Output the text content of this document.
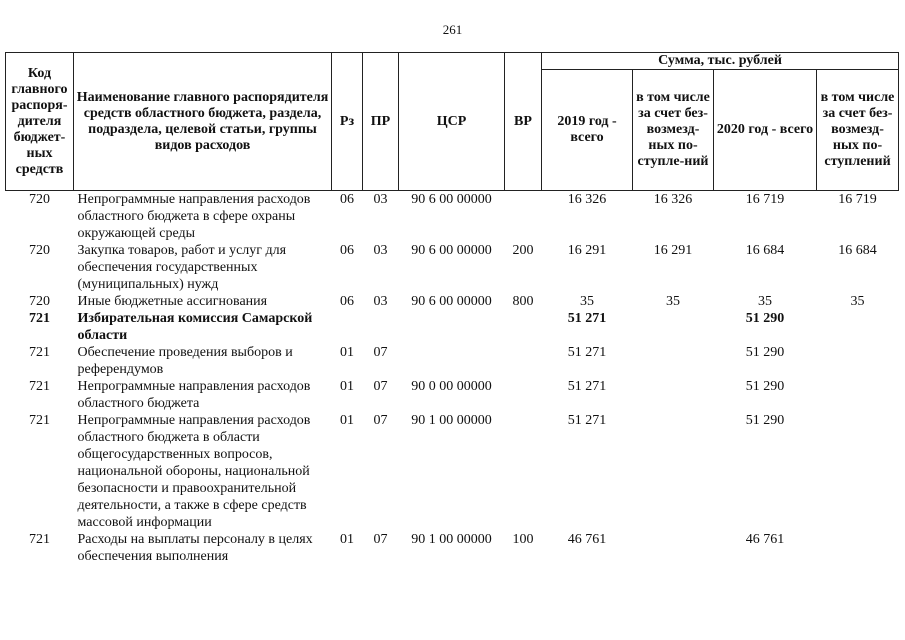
261
Код главного распоря-дителя бюджет-ных средств	Наименование главного распорядителя средств областного бюджета, раздела, подраздела, целевой статьи, группы видов расходов	Рз	ПР	ЦСР	ВР	Сумма, тыс. рублей			
						2019 год - всего	в том числе за счет без-возмезд-ных по-ступле-ний	2020 год - всего	в том числе за счет без-возмезд-ных по-ступлений
720	Непрограммные направления расходов областного бюджета в сфере охраны окружающей среды	06	03	90 6 00 00000		16 326	16 326	16 719	16 719
720	Закупка товаров, работ и услуг для обеспечения государственных (муниципальных) нужд	06	03	90 6 00 00000	200	16 291	16 291	16 684	16 684
720	Иные бюджетные ассигнования	06	03	90 6 00 00000	800	35	35	35	35
721	Избирательная комиссия Самарской области					51 271		51 290	
721	Обеспечение проведения выборов и референдумов	01	07			51 271		51 290	
721	Непрограммные направления расходов областного бюджета	01	07	90 0 00 00000		51 271		51 290	
721	Непрограммные направления расходов областного бюджета в области общегосударственных вопросов, национальной обороны, национальной безопасности и правоохранительной деятельности, а также в сфере средств массовой информации	01	07	90 1 00 00000		51 271		51 290	
721	Расходы на выплаты персоналу в целях обеспечения выполнения	01	07	90 1 00 00000	100	46 761		46 761	
